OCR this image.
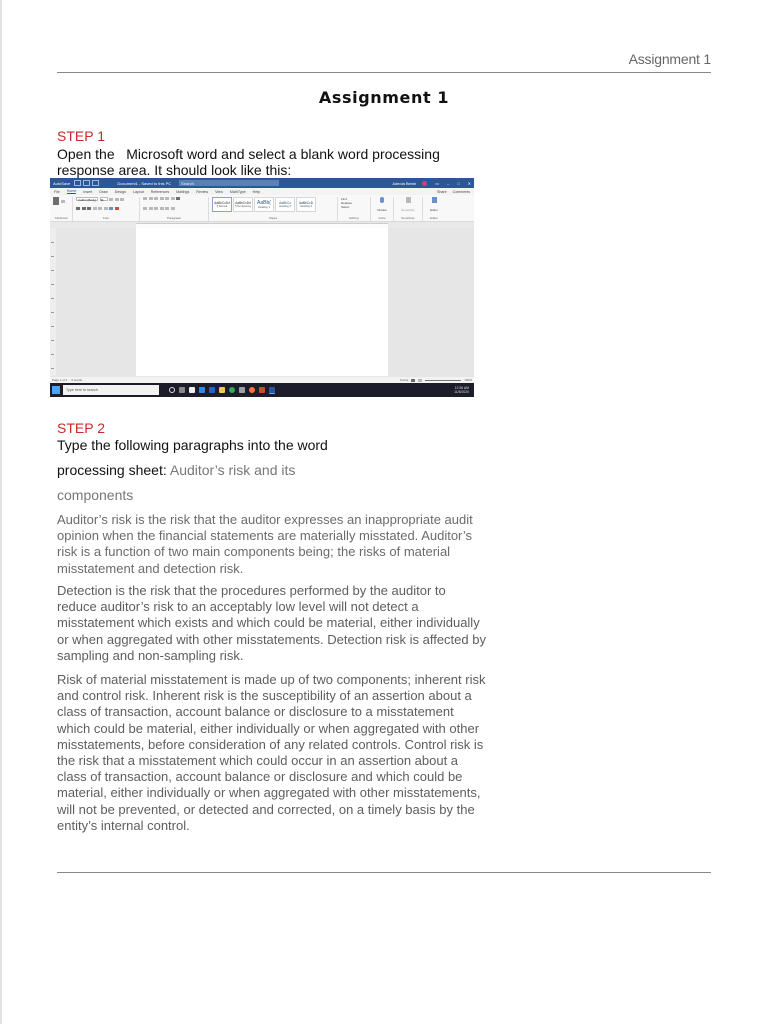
Assignment 1
Assignment 1
STEP 1
Open the   Microsoft word and select a blank word processing
response area. It should look like this:
AutoSave	Document1 - Saved to this PC	Search	Adeola Benin	▭ – □ ✕
File Home Insert Draw Design Layout References Mailings Review View MathType Help	Share Comments
Clipboard
Calibri (Body)	11
Font	Paragraph
AaBbCcDd
¶ Normal
AaBbCcDd
¶ No Spacing
AaBb(
Heading 1
AaBbCc
Heading 2
AaBbCcD
Heading 3
Styles
Find
Replace
Select
Editing
Dictate
Voice
Sensitivity
Sensitivity
Editor
Editor
Page 1 of 1 0 words	Focus	100%
Type here to search	12:56 AM
11/8/2020
STEP 2
Type the following paragraphs into the word
processing sheet: Auditor’s risk and its
components

Auditor’s risk is the risk that the auditor expresses an inappropriate audit opinion when the financial statements are materially misstated. Auditor’s risk is a function of two main components being; the risks of material misstatement and detection risk.

Detection is the risk that the procedures performed by the auditor to reduce auditor’s risk to an acceptably low level will not detect a misstatement which exists and which could be material, either individually or when aggregated with other misstatements. Detection risk is affected by sampling and non-sampling risk.

Risk of material misstatement is made up of two components; inherent risk and control risk. Inherent risk is the susceptibility of an assertion about a class of transaction, account balance or disclosure to a misstatement which could be material, either individually or when aggregated with other misstatements, before consideration of any related controls. Control risk is the risk that a misstatement which could occur in an assertion about a class of transaction, account balance or disclosure and which could be material, either individually or when aggregated with other misstatements, will not be prevented, or detected and corrected, on a timely basis by the entity’s internal control.
